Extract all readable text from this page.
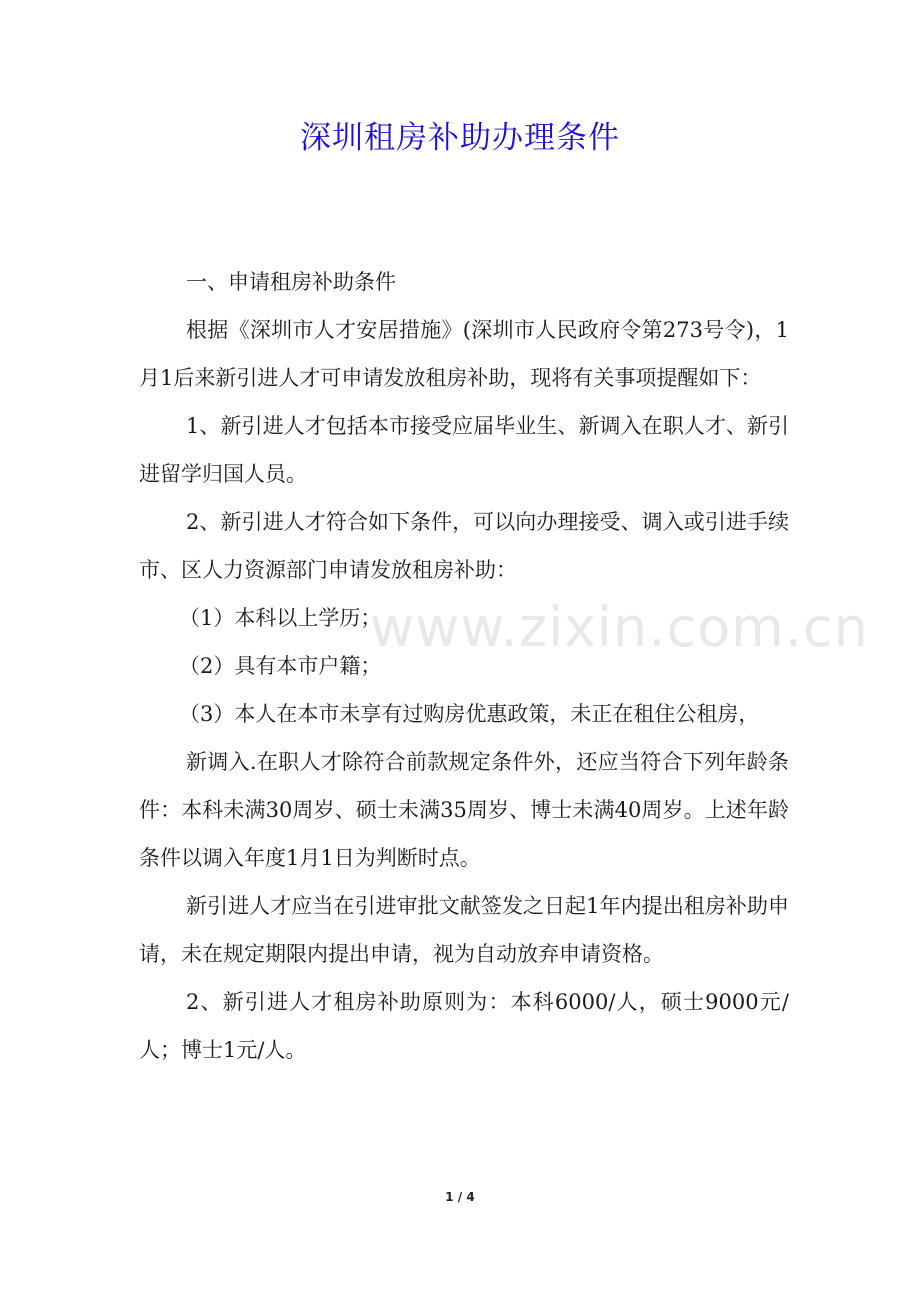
深圳租房补助办理条件

一、申请租房补助条件

根据《深圳市人才安居措施》(深圳市人民政府令第273号令)，1月1后来新引进人才可申请发放租房补助，现将有关事项提醒如下：

1、新引进人才包括本市接受应届毕业生、新调入在职人才、新引进留学归国人员。

2、新引进人才符合如下条件，可以向办理接受、调入或引进手续市、区人力资源部门申请发放租房补助：

（1）本科以上学历；

（2）具有本市户籍；

（3）本人在本市未享有过购房优惠政策，未正在租住公租房，

新调入.在职人才除符合前款规定条件外，还应当符合下列年龄条件：本科未满30周岁、硕士未满35周岁、博士未满40周岁。上述年龄条件以调入年度1月1日为判断时点。

新引进人才应当在引进审批文献签发之日起1年内提出租房补助申请，未在规定期限内提出申请，视为自动放弃申请资格。

2、新引进人才租房补助原则为：本科6000/人，硕士9000元/人；博士1元/人。

www.zixin.com.cn
1 / 4
